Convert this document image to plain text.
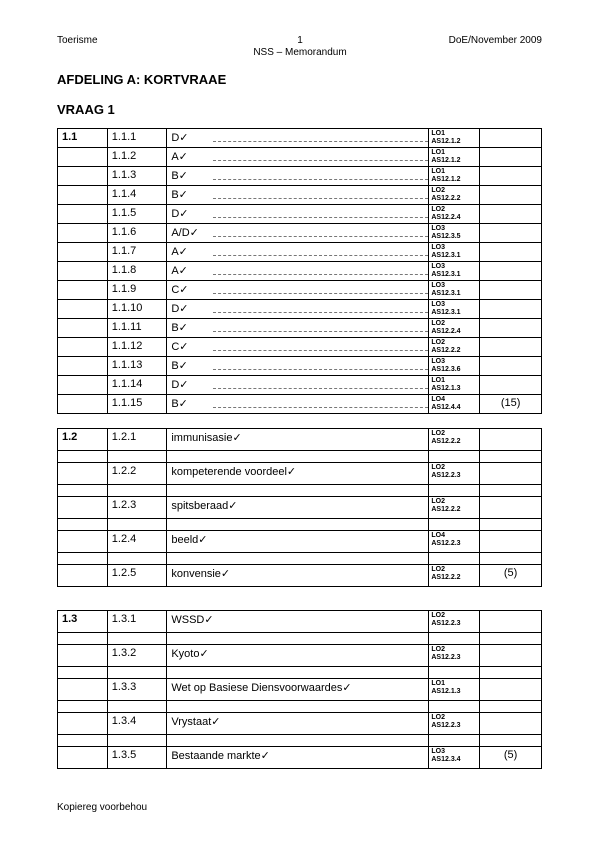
Toerisme	1
NSS – Memorandum
DoE/November 2009
AFDELING A: KORTVRAAE
VRAAG 1
1.1	1.1.1	D✓	LO1
AS12.1.2	

	1.1.2	A✓	LO1
AS12.1.2	

	1.1.3	B✓	LO1
AS12.1.2	

	1.1.4	B✓	LO2
AS12.2.2	

	1.1.5	D✓	LO2
AS12.2.4	

	1.1.6	A/D✓	LO3
AS12.3.5	

	1.1.7	A✓	LO3
AS12.3.1	

	1.1.8	A✓	LO3
AS12.3.1	

	1.1.9	C✓	LO3
AS12.3.1	

	1.1.10	D✓	LO3
AS12.3.1	

	1.1.11	B✓	LO2
AS12.2.4	

	1.1.12	C✓	LO2
AS12.2.2	

	1.1.13	B✓	LO3
AS12.3.6	

	1.1.14	D✓	LO1
AS12.1.3	

	1.1.15	B✓	LO4
AS12.4.4	(15)
1.2	1.2.1	immunisasie✓	LO2
AS12.2.2	

	1.2.2	kompeterende voordeel✓	LO2
AS12.2.3	

	1.2.3	spitsberaad✓	LO2
AS12.2.2	

	1.2.4	beeld✓	LO4
AS12.2.3	

	1.2.5	konvensie✓	LO2
AS12.2.2	(5)
1.3	1.3.1	WSSD✓	LO2
AS12.2.3	

	1.3.2	Kyoto✓	LO2
AS12.2.3	

	1.3.3	Wet op Basiese Diensvoorwaardes✓	LO1
AS12.1.3	

	1.3.4	Vrystaat✓	LO2
AS12.2.3	

	1.3.5	Bestaande markte✓	LO3
AS12.3.4	(5)
Kopiereg voorbehou
